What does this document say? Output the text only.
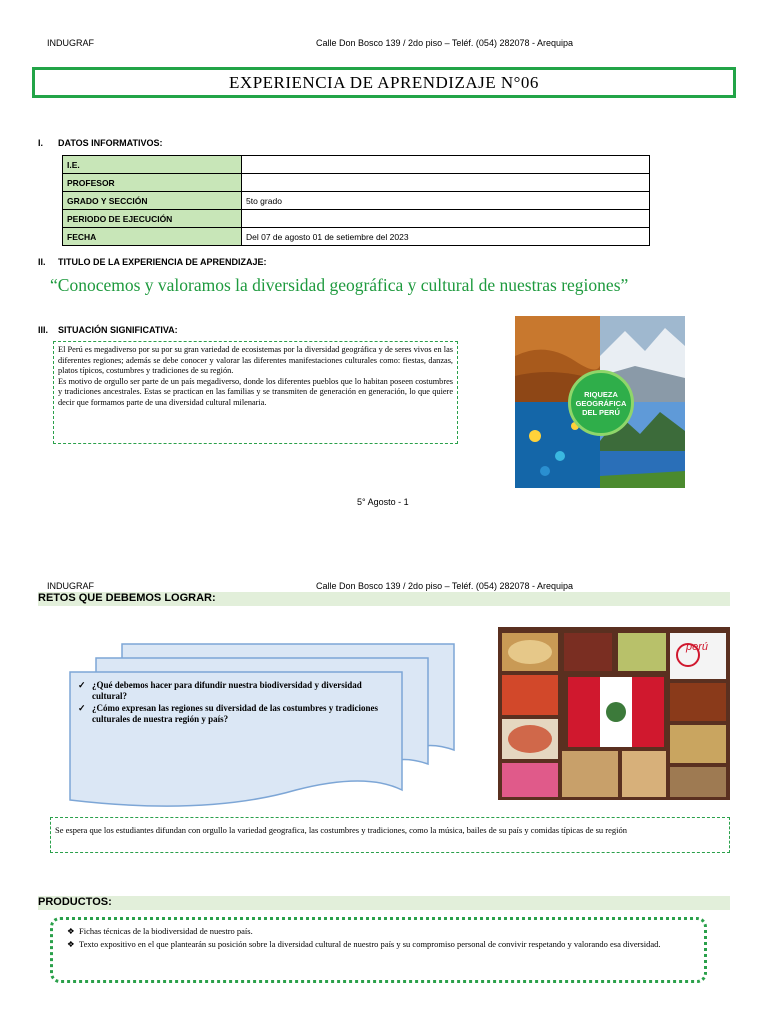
INDUGRAF	Calle Don Bosco 139 / 2do piso – Teléf. (054) 282078 - Arequipa
EXPERIENCIA DE APRENDIZAJE N°06
I. DATOS INFORMATIVOS:
I.E.	
PROFESOR	
GRADO Y SECCIÓN	5to grado
PERIODO DE EJECUCIÓN	
FECHA	Del 07 de agosto 01 de setiembre del 2023
II. TITULO DE LA EXPERIENCIA DE APRENDIZAJE:
“Conocemos y valoramos la diversidad geográfica y cultural de nuestras regiones”
III. SITUACIÓN SIGNIFICATIVA:

El Perú es megadiverso por su por su gran variedad de ecosistemas por la diversidad geográfica y de seres vivos en las diferentes regiones; además se debe conocer y valorar las diferentes manifestaciones culturales como: fiestas, danzas, platos típicos, costumbres y tradiciones de su región.

Es motivo de orgullo ser parte de un país megadiverso, donde los diferentes pueblos que lo habitan poseen costumbres y tradiciones ancestrales. Estas se practican en las familias y se transmiten de generación en generación, lo que quiere decir que formamos parte de una diversidad cultural milenaria.

RIQUEZA
GEOGRÁFICA
DEL PERÚ
5° Agosto - 1
INDUGRAF	Calle Don Bosco 139 / 2do piso – Teléf. (054) 282078 - Arequipa
RETOS QUE DEBEMOS LOGRAR:
✓ ¿Qué debemos hacer para difundir nuestra biodiversidad y diversidad cultural?
✓ ¿Cómo expresan las regiones su diversidad de las costumbres y tradiciones culturales de nuestra región y país?
perú
Se espera que los estudiantes difundan con orgullo la variedad geografica, las costumbres y tradiciones, como la música, bailes de su país y comidas típicas de su región
PRODUCTOS:
❖ Fichas técnicas de la biodiversidad de nuestro país.
❖ Texto expositivo en el que plantearán su posición sobre la diversidad cultural de nuestro país y su compromiso personal de convivir respetando y valorando esa diversidad.
